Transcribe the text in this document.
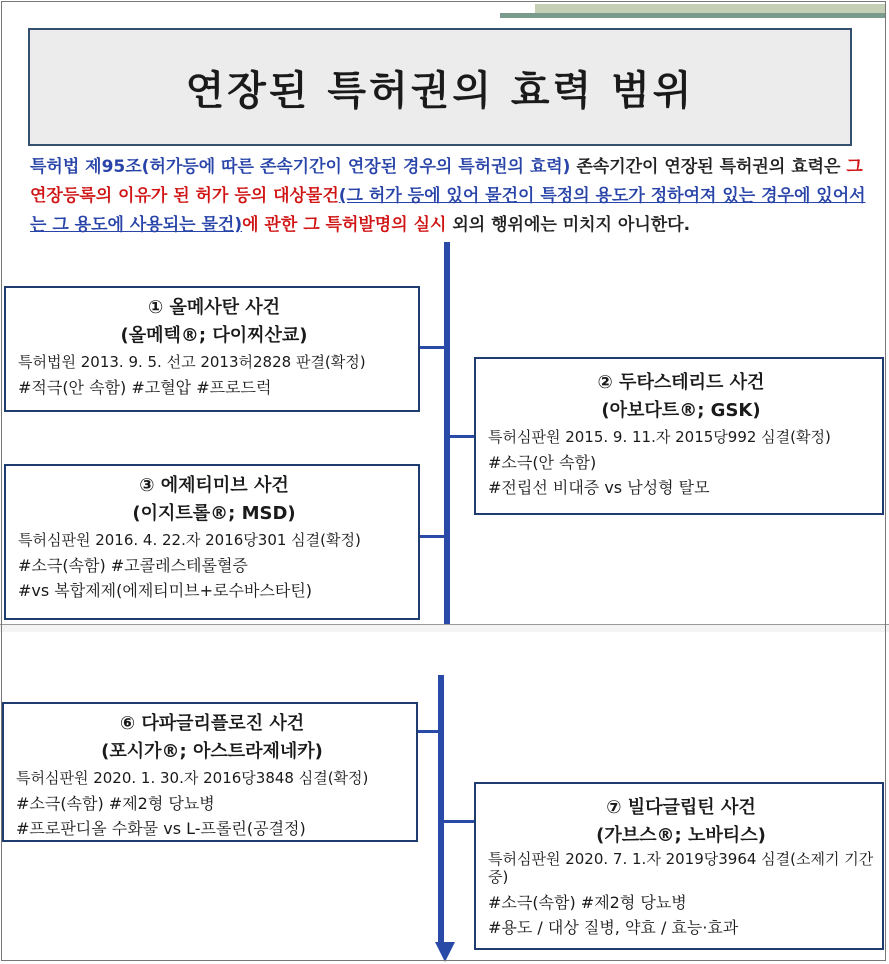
연장된 특허권의 효력 범위
특허법 제95조(허가등에 따른 존속기간이 연장된 경우의 특허권의 효력) 존속기간이 연장된 특허권의 효력은 그 연장등록의 이유가 된 허가 등의 대상물건(그 허가 등에 있어 물건이 특정의 용도가 정하여져 있는 경우에 있어서는 그 용도에 사용되는 물건)에 관한 그 특허발명의 실시 외의 행위에는 미치지 아니한다.
① 올메사탄 사건
(올메텍®; 다이찌산쿄)
특허법원 2013. 9. 5. 선고 2013허2828 판결(확정)
#적극(안 속함) #고혈압 #프로드럭	② 두타스테리드 사건
(아보다트®; GSK)
특허심판원 2015. 9. 11.자 2015당992 심결(확정)
#소극(안 속함)
#전립선 비대증 vs 남성형 탈모
③ 에제티미브 사건
(이지트롤®; MSD)
특허심판원 2016. 4. 22.자 2016당301 심결(확정)
#소극(속함) #고콜레스테롤혈증
#vs 복합제제(에제티미브+로수바스타틴)
⑥ 다파글리플로진 사건
(포시가®; 아스트라제네카)
특허심판원 2020. 1. 30.자 2016당3848 심결(확정)
#소극(속함) #제2형 당뇨병
#프로판디올 수화물 vs L-프롤린(공결정)
⑦ 빌다글립틴 사건
(가브스®; 노바티스)
특허심판원 2020. 7. 1.자 2019당3964 심결(소제기 기간 중)
#소극(속함) #제2형 당뇨병
#용도 / 대상 질병, 약효 / 효능·효과
